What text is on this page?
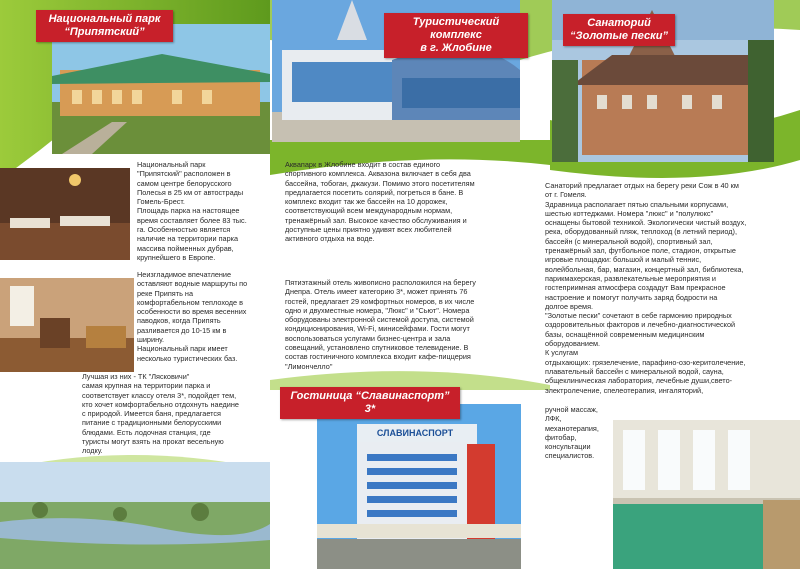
СЛАВИНАСПОРТ
Национальный парк
“Припятский”
Туристический комплекс
в г. Жлобине
Санаторий
“Золотые пески”
Гостиница “Славинаспорт” 3*
Национальный парк
"Припятский" расположен в
самом центре белорусского
Полесья в 25 км от автострады
Гомель-Брест.
Площадь парка на настоящее
время составляет более 83 тыс.
га. Особенностью является
наличие на территории парка
массива пойменных дубрав,
крупнейшего в Европе.
Неизгладимое впечатление
оставляют водные маршруты по
реке Припять на
комфортабельном теплоходе в
особенности во время весенних
паводков, когда Припять
разливается до 10-15 км в
ширину.
Национальный парк имеет
несколько туристических баз.
Лучшая из них - ТК "Лясковичи"
самая крупная на территории парка и
соответствует классу отеля 3*, подойдет тем,
кто хочет комфортабельно отдохнуть наедине
с природой. Имеется баня, предлагается
питание с традиционными белорусскими
блюдами. Есть лодочная станция, где
туристы могут взять на прокат весельную
лодку.
Аквапарк в Жлобине входит в состав единого
спортивного комплекса. Аквазона включает в себя два
бассейна, тобоган, джакузи. Помимо этого посетителям
предлагается посетить солярий, погреться в бане. В
комплекс входит так же бассейн на 10 дорожек,
соответствующий всем международным нормам,
тренажёрный зал. Высокое качество обслуживания и
доступные цены приятно удивят всех любителей
активного отдыха на воде.
Пятиэтажный отель живописно расположился на берегу
Днепра. Отель имеет категорию 3*, может принять 76
гостей, предлагает 29 комфортных номеров, в их числе
одно и двухместные номера, "Люкс" и "Сьют". Номера
оборудованы электронной системой доступа, системой
кондиционирования, Wi-Fi, минисейфами. Гости могут
воспользоваться услугами бизнес-центра и зала
совещаний, установлено спутниковое телевидение. В
состав гостиничного комплекса входит кафе-пиццерия
"Лимончелло"
Санаторий предлагает отдых на берегу реки Сож в 40 км
от г. Гомеля.
Здравница располагает пятью спальными корпусами,
шестью коттеджами. Номера "люкс" и "полулюкс"
оснащены бытовой техникой. Экологически чистый воздух,
река, оборудованный пляж, теплоход (в летний период),
бассейн (с минеральной водой), спортивный зал,
тренажёрный зал, футбольное поле, стадион, открытые
игровые площадки: большой и малый теннис,
волейбольная, бар, магазин, концертный зал, библиотека,
парикмахерская, развлекательные мероприятия и
гостеприимная атмосфера создадут Вам прекрасное
настроение и помогут получить заряд бодрости на
долгое время.
"Золотые пески" сочетают в себе гармонию природных
оздоровительных факторов и лечебно-диагностической
базы, оснащённой современным медицинским
оборудованием.
К услугам
отдыхающих: грязелечение, парафино-озо-керитолечение,
плавательный бассейн с минеральной водой, сауна,
общеклиническая лаборатория, лечебные души,свето-
электролечение, спелеотерапия, ингаляторий,
ручной массаж, ЛФК,
механотерапия,
фитобар,
консультации
специалистов.
